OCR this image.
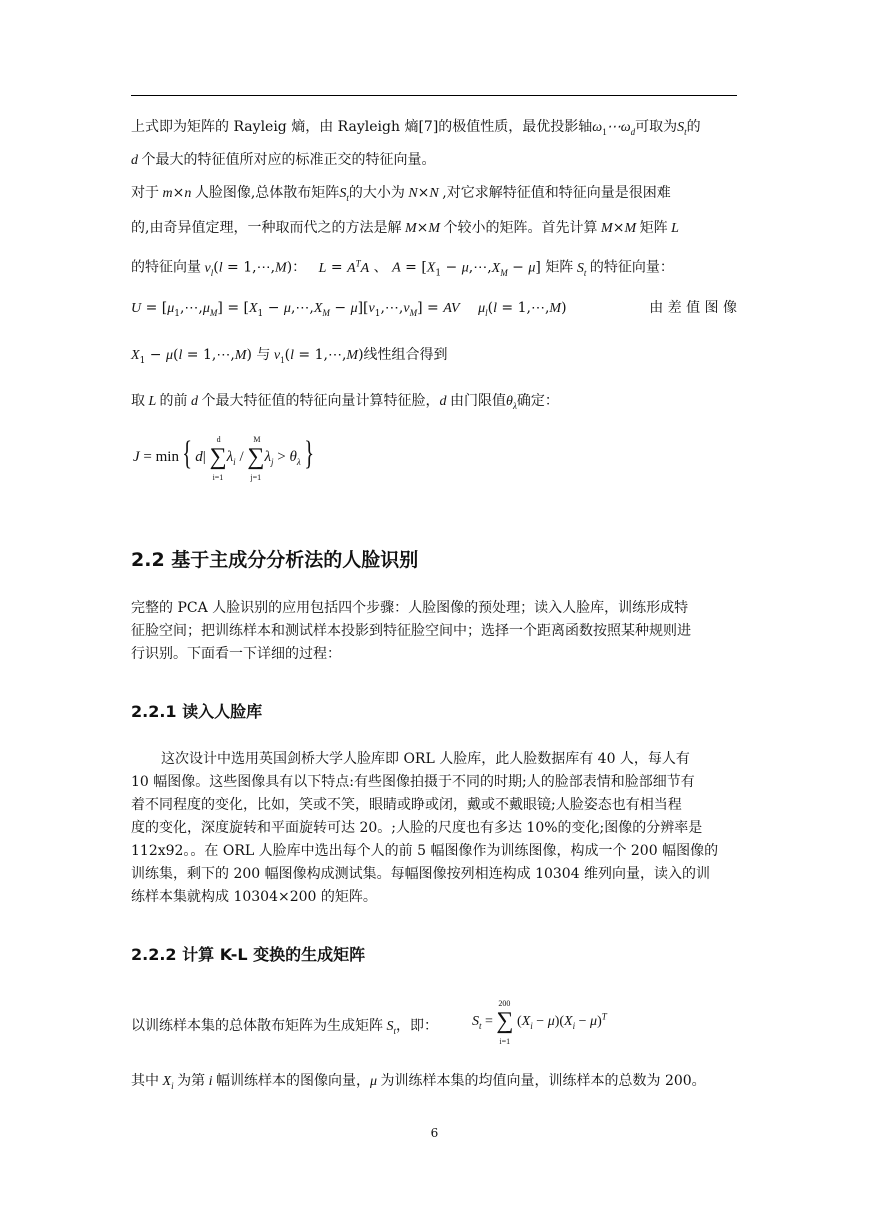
上式即为矩阵的 Rayleig 熵，由 Rayleigh 熵[7]的极值性质，最优投影轴$\omega_1\cdots\omega_d$可取为$S_t$的
d 个最大的特征值所对应的标准正交的特征向量。
对于 m×n 人脸图像,总体散布矩阵$S_t$的大小为 N×N ,对它求解特征值和特征向量是很困难
的,由奇异值定理，一种取而代之的方法是解 M×M 个较小的矩阵。首先计算 M×M 矩阵 L
的特征向量 $v_l(l$ = 1,⋯,M)： $L = A^TA$ 、 $A = [X_1$ − $\mu,\cdots,X_M - \mu$] 矩阵 $S_t$ 的特征向量：
$U = [\mu_1,\cdots,\mu_M] = [X_1$ − $\mu,\cdots,X_M$ − $\mu][v_1,\cdots,v_M]$ = AV $\mu_l(l$ = 1,⋯,M)	由 差 值 图 像
$X_1 - \mu(l$ = 1,⋯,M) 与 $v_1(l$ = 1,⋯,M)线性组合得到
取 L 的前 d 个最大特征值的特征向量计算特征脸，d 由门限值$\theta_\lambda$确定：
J = min{ d|
d
∑
i=1
$\lambda_i$ /
M
∑
j=1
$\lambda_j > \theta_\lambda$}
2.2 基于主成分分析法的人脸识别
完整的 PCA 人脸识别的应用包括四个步骤：人脸图像的预处理；读入人脸库，训练形成特
征脸空间；把训练样本和测试样本投影到特征脸空间中；选择一个距离函数按照某种规则进
行识别。下面看一下详细的过程：
2.2.1 读入人脸库
这次设计中选用英国剑桥大学人脸库即 ORL 人脸库，此人脸数据库有 40 人，每人有
10 幅图像。这些图像具有以下特点:有些图像拍摄于不同的时期;人的脸部表情和脸部细节有
着不同程度的变化，比如，笑或不笑，眼睛或睁或闭，戴或不戴眼镜;人脸姿态也有相当程
度的变化，深度旋转和平面旋转可达 20。;人脸的尺度也有多达 10%的变化;图像的分辨率是
112x92。。在 ORL 人脸库中选出每个人的前 5 幅图像作为训练图像，构成一个 200 幅图像的
训练集，剩下的 200 幅图像构成测试集。每幅图像按列相连构成 10304 维列向量，读入的训
练样本集就构成 10304×200 的矩阵。
2.2.2 计算 K-L 变换的生成矩阵
以训练样本集的总体散布矩阵为生成矩阵 $S_t$，即： $S_t$ =
200
∑
i=1
$(X_i - \mu)(X_i - \mu)^T$
其中 $X_i$ 为第 i 幅训练样本的图像向量，μ 为训练样本集的均值向量，训练样本的总数为 200。
6
